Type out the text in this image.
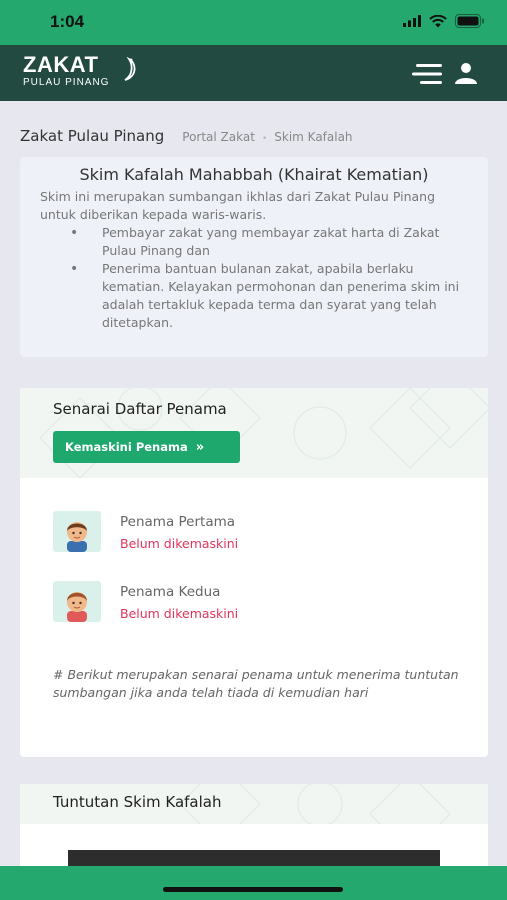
1:04
ZAKAT
PULAU PINANG
Zakat Pulau Pinang Portal Zakat • Skim Kafalah
Skim Kafalah Mahabbah (Khairat Kematian)

Skim ini merupakan sumbangan ikhlas dari Zakat Pulau Pinang untuk diberikan kepada waris-waris.

• Pembayar zakat yang membayar zakat harta di Zakat Pulau Pinang dan
• Penerima bantuan bulanan zakat, apabila berlaku kematian. Kelayakan permohonan dan penerima skim ini adalah tertakluk kepada terma dan syarat yang telah ditetapkan.
Senarai Daftar Penama
Kemaskini Penama »
Penama Pertama
Belum dikemaskini
Penama Kedua
Belum dikemaskini

# Berikut merupakan senarai penama untuk menerima tuntutan sumbangan jika anda telah tiada di kemudian hari

Tuntutan Skim Kafalah
